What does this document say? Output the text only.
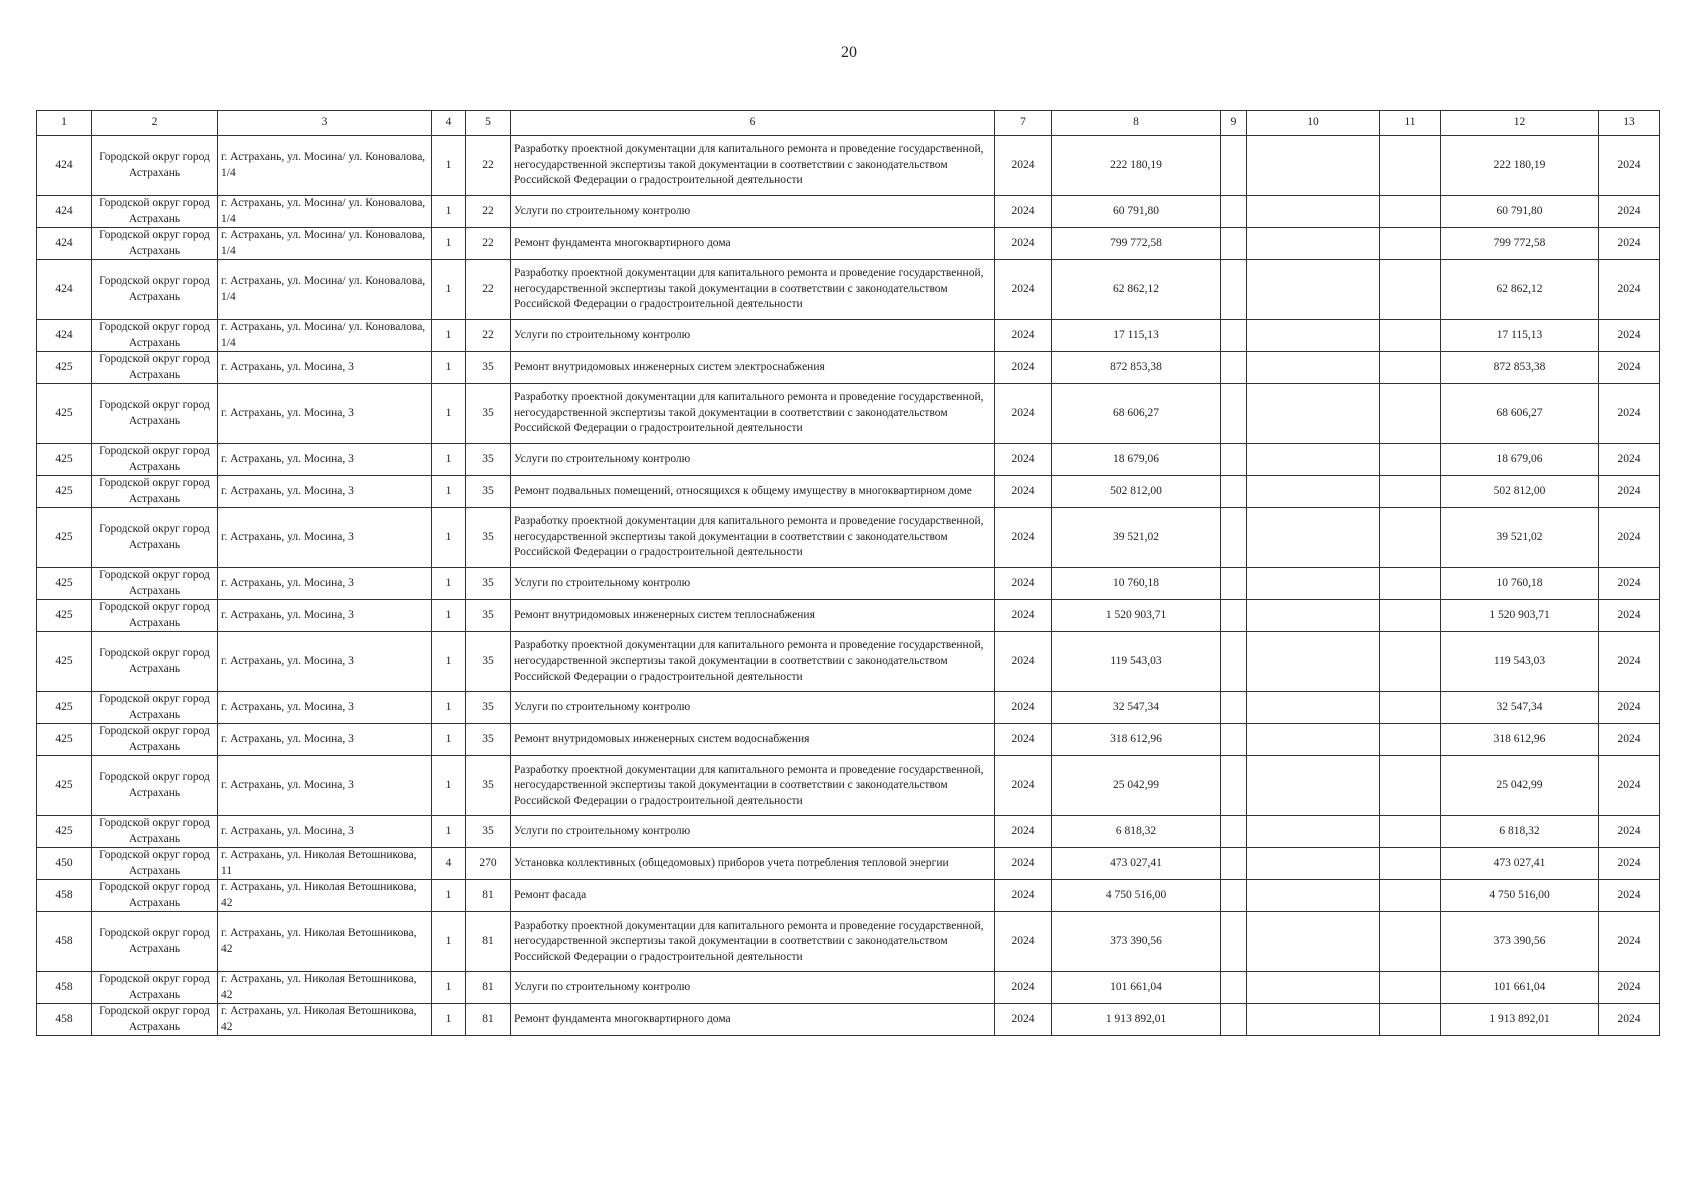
20
1	2	3	4	5	6	7	8	9	10	11	12	13
424	Городской округ город Астрахань	г. Астрахань, ул. Мосина/ ул. Коновалова, 1/4	1	22	Разработку проектной документации для капитального ремонта и проведение государственной, негосударственной экспертизы такой документации в соответствии с законодательством Российской Федерации о градостроительной деятельности	2024	222 180,19				222 180,19	2024
424	Городской округ город Астрахань	г. Астрахань, ул. Мосина/ ул. Коновалова, 1/4	1	22	Услуги по строительному контролю	2024	60 791,80				60 791,80	2024
424	Городской округ город Астрахань	г. Астрахань, ул. Мосина/ ул. Коновалова, 1/4	1	22	Ремонт фундамента многоквартирного дома	2024	799 772,58				799 772,58	2024
424	Городской округ город Астрахань	г. Астрахань, ул. Мосина/ ул. Коновалова, 1/4	1	22	Разработку проектной документации для капитального ремонта и проведение государственной, негосударственной экспертизы такой документации в соответствии с законодательством Российской Федерации о градостроительной деятельности	2024	62 862,12				62 862,12	2024
424	Городской округ город Астрахань	г. Астрахань, ул. Мосина/ ул. Коновалова, 1/4	1	22	Услуги по строительному контролю	2024	17 115,13				17 115,13	2024
425	Городской округ город Астрахань	г. Астрахань, ул. Мосина, 3	1	35	Ремонт внутридомовых инженерных систем электроснабжения	2024	872 853,38				872 853,38	2024
425	Городской округ город Астрахань	г. Астрахань, ул. Мосина, 3	1	35	Разработку проектной документации для капитального ремонта и проведение государственной, негосударственной экспертизы такой документации в соответствии с законодательством Российской Федерации о градостроительной деятельности	2024	68 606,27				68 606,27	2024
425	Городской округ город Астрахань	г. Астрахань, ул. Мосина, 3	1	35	Услуги по строительному контролю	2024	18 679,06				18 679,06	2024
425	Городской округ город Астрахань	г. Астрахань, ул. Мосина, 3	1	35	Ремонт подвальных помещений, относящихся к общему имуществу в многоквартирном доме	2024	502 812,00				502 812,00	2024
425	Городской округ город Астрахань	г. Астрахань, ул. Мосина, 3	1	35	Разработку проектной документации для капитального ремонта и проведение государственной, негосударственной экспертизы такой документации в соответствии с законодательством Российской Федерации о градостроительной деятельности	2024	39 521,02				39 521,02	2024
425	Городской округ город Астрахань	г. Астрахань, ул. Мосина, 3	1	35	Услуги по строительному контролю	2024	10 760,18				10 760,18	2024
425	Городской округ город Астрахань	г. Астрахань, ул. Мосина, 3	1	35	Ремонт внутридомовых инженерных систем теплоснабжения	2024	1 520 903,71				1 520 903,71	2024
425	Городской округ город Астрахань	г. Астрахань, ул. Мосина, 3	1	35	Разработку проектной документации для капитального ремонта и проведение государственной, негосударственной экспертизы такой документации в соответствии с законодательством Российской Федерации о градостроительной деятельности	2024	119 543,03				119 543,03	2024
425	Городской округ город Астрахань	г. Астрахань, ул. Мосина, 3	1	35	Услуги по строительному контролю	2024	32 547,34				32 547,34	2024
425	Городской округ город Астрахань	г. Астрахань, ул. Мосина, 3	1	35	Ремонт внутридомовых инженерных систем водоснабжения	2024	318 612,96				318 612,96	2024
425	Городской округ город Астрахань	г. Астрахань, ул. Мосина, 3	1	35	Разработку проектной документации для капитального ремонта и проведение государственной, негосударственной экспертизы такой документации в соответствии с законодательством Российской Федерации о градостроительной деятельности	2024	25 042,99				25 042,99	2024
425	Городской округ город Астрахань	г. Астрахань, ул. Мосина, 3	1	35	Услуги по строительному контролю	2024	6 818,32				6 818,32	2024
450	Городской округ город Астрахань	г. Астрахань, ул. Николая Ветошникова, 11	4	270	Установка коллективных (общедомовых) приборов учета потребления тепловой энергии	2024	473 027,41				473 027,41	2024
458	Городской округ город Астрахань	г. Астрахань, ул. Николая Ветошникова, 42	1	81	Ремонт фасада	2024	4 750 516,00				4 750 516,00	2024
458	Городской округ город Астрахань	г. Астрахань, ул. Николая Ветошникова, 42	1	81	Разработку проектной документации для капитального ремонта и проведение государственной, негосударственной экспертизы такой документации в соответствии с законодательством Российской Федерации о градостроительной деятельности	2024	373 390,56				373 390,56	2024
458	Городской округ город Астрахань	г. Астрахань, ул. Николая Ветошникова, 42	1	81	Услуги по строительному контролю	2024	101 661,04				101 661,04	2024
458	Городской округ город Астрахань	г. Астрахань, ул. Николая Ветошникова, 42	1	81	Ремонт фундамента многоквартирного дома	2024	1 913 892,01				1 913 892,01	2024
